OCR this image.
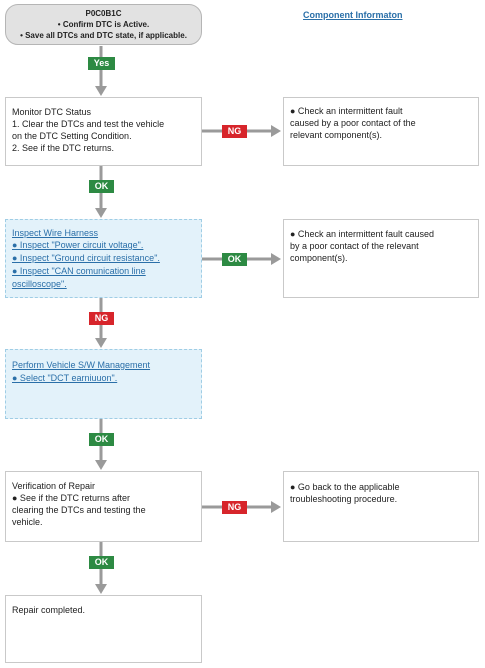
Component Informaton
P0C0B1C
• Confirm DTC is Active.
• Save all DTCs and DTC state, if applicable.
Monitor DTC Status
1. Clear the DTCs and test the vehicle
on the DTC Setting Condition.
2. See if the DTC returns.
● Check an intermittent fault
caused by a poor contact of the
relevant component(s).
Inspect Wire Harness
● Inspect "Power circuit voltage".
● Inspect "Ground circuit resistance".
● Inspect "CAN comunication line
oscilloscope".
● Check an intermittent fault caused
by a poor contact of the relevant
component(s).
Perform Vehicle S/W Management
● Select "DCT earniuuon".
Verification of Repair
● See if the DTC returns after
clearing the DTCs and testing the
vehicle.
● Go back to the applicable
troubleshooting procedure.
Repair completed.
Yes
OK
OK
OK
NG
NG
OK
NG
